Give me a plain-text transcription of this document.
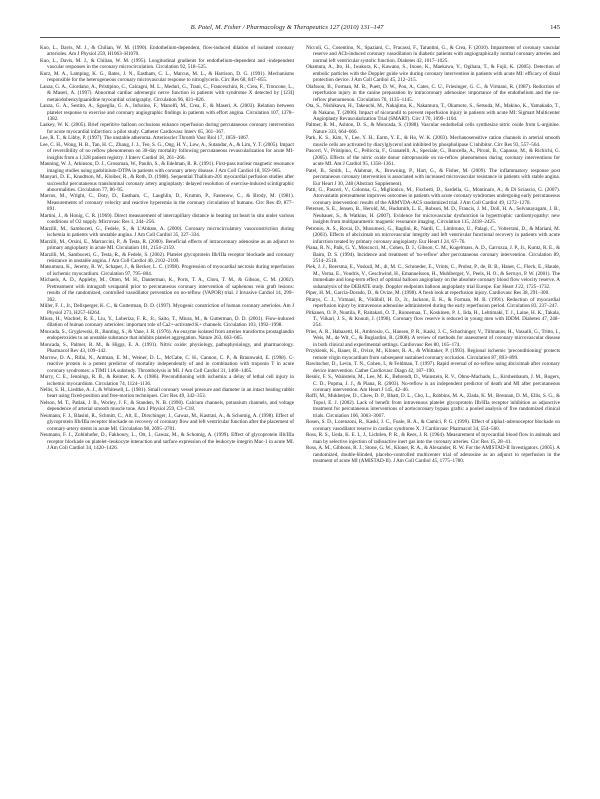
B. Patel, M. Fisher / Pharmacology & Therapeutics 127 (2010) 131–147	145

Kuo, L., Davis, M. J., & Chilian, W. M. (1990). Endothelium-dependent, flow-induced dilation of isolated coronary arterioles. Am J Physiol 259, H1063–H1070.

Kuo, L., Davis, M. J., & Chilian, W. M. (1995). Longitudinal gradients for endothelium-dependent and -independent vascular responses in the coronary microcirculation. Circulation 92, 518–525.

Kurz, M. A., Lamping, K. G., Bates, J. N., Eastham, C. L., Marcus, M. L., & Harrison, D. G. (1991). Mechanisms responsible for the heterogeneous coronary microvascular response to nitroglycerin. Circ Res 68, 847–855.

Lanza, G. A., Giordano, A., Pristipino, C., Calcagni, M. L., Meduri, G., Trani, C., Franceschini, R., Crea, F., Troncone, L., & Maseri, A. (1997). Abnormal cardiac adrenergic nerve function in patients with syndrome X detected by [123I] metaiodobenzylguanidine myocardial scintigraphy. Circulation 96, 821–826.

Lanza, G. A., Sestito, A., Sgueglia, G. A., Infusino, F., Manolfi, M., Crea, F., & Maseri, A. (2003). Relation between platelet response to exercise and coronary angiographic findings in patients with effort angina. Circulation 107, 1378–1382.

Laskey, W. K. (2005). Brief repetitive balloon occlusions enhance reperfusion during percutaneous coronary intervention for acute myocardial infarction: a pilot study. Catheter Cardiovasc Interv 65, 361–367.

Lee, R. T., & Libby, P. (1997). The unstable atheroma. Arterioscler Thromb Vasc Biol 17, 1859–1867.

Lee, C. H., Wong, H. B., Tan, H. C., Zhang, J. J., Teo, S. G., Ong, H. Y., Low, A., Sutandar, A., & Lim, Y. T. (2005). Impact of reversibility of no reflow phenomenon on 30-day mortality following percutaneous revascularization for acute MI-insights from a 1,328 patient registry. J Interv Cardiol 18, 261–266.

Manning, W. J., Atkinson, D. J., Grossman, W., Paulin, S., & Edelman, R. R. (1991). First-pass nuclear magnetic resonance imaging studies using gadolinium-DTPA in patients with coronary artery disease. J Am Coll Cardiol 18, 959–965.

Manyari, D. E., Knudtson, M., Kloiber, R., & Roth, D. (1988). Sequential Thallium-201 myocardial perfusion studies after successful percutaneous transluminal coronary artery angioplasty: delayed resolution of exercise-induced scintigraphic abnormalities. Circulation 77, 86–95.

Marcus, M., Wright, C., Doty, D., Eastham, C., Laughlin, D., Krumm, P., Fastenow, C., & Brody, M. (1981). Measurements of coronary velocity and reactive hyperemia in the coronary circulation of humans. Circ Res 49, 877–891.

Martini, J., & Honig, C. R. (1969). Direct measurement of intercapillary distance in beating rat heart in situ under various conditions of O2 supply. Microvasc Res 1, 244–256.

Marzilli, M., Sambuceti, G., Fedele, S., & L'Abbate, A. (2000). Coronary microcirculatory vasoconstriction during ischemia in patients with unstable angina. J Am Coll Cardiol 35, 327–334.

Marzilli, M., Orsini, E., Marraccini, P., & Testa, R. (2000). Beneficial effects of intracoronary adenosine as an adjunct to primary angioplasty in acute MI. Circulation 101, 2154–2159.

Marzilli, M., Sambuceti, G., Testa, R., & Fedele, S. (2002). Platelet glycoprotein IIb/IIIa receptor blockade and coronary resistance in unstable angina. J Am Coll Cardiol 40, 2102–2109.

Matsumura, K., Jeremy, R. W., Schaper, J., & Becker, L. C. (1998). Progression of myocardial necrosis during reperfusion of ischemic myocardium. Circulation 97, 795–804.

Michaels, A. D., Appleby, M., Otten, M. H., Dauterman, K., Ports, T. A., Chou, T. M., & Gibson, C. M. (2002). Pretreatment with intragraft verapamil prior to percutaneous coronary intervention of saphenous vein graft lesions: results of the randomized, controlled vasodilator prevention on no-reflow (VAPOR) trial. J Invasive Cardiol 14, 299–302.

Miller, F. J., Jr., Dellsperger, K. C., & Gutterman, D. D. (1997). Myogenic constriction of human coronary arterioles. Am J Physiol 273, H257–H264.

Miura, H., Wachtel, R. E., Liu, Y., Loberiza, F. R., Jr., Saito, T., Miura, M., & Gutterman, D. D. (2001). Flow-induced dilation of human coronary arterioles: important role of Ca2+-activated K+ channels. Circulation 103, 1992–1998.

Moncada, S., Gryglewski, R., Bunting, S., & Vane, J. R. (1976). An enzyme isolated from arteries transforms prostaglandin endoperoxides to an unstable substance that inhibits platelet aggregation. Nature 263, 663–665.

Moncada, S., Palmer, R. M., & Higgs, E. A. (1991). Nitric oxide: physiology, pathophysiology, and pharmacology. Pharmacol Rev 43, 109–142.

Morrow, D. A., Rifai, N., Antman, E. M., Weiner, D. L., McCabe, C. H., Cannon, C. P., & Braunwald, E. (1998). C-reactive protein is a potent predictor of mortality independently of and in combination with troponin T in acute coronary syndromes: a TIMI 11A substudy. Thrombolysis in MI. J Am Coll Cardiol 31, 1460–1465.

Murry, C. E., Jennings, R. B., & Reimer, K. A. (1986). Preconditioning with ischemia: a delay of lethal cell injury in ischemic myocardium. Circulation 74, 1124–1136.

Nellis, S. H., Liedtke, A. J., & Whitesell, L. (1981). Small coronary vessel pressure and diameter in an intact beating rabbit heart using fixed-position and free-motion techniques. Circ Res 49, 342–353.

Nelson, M. T., Patlak, J. B., Worley, J. F., & Standen, N. B. (1990). Calcium channels, potassium channels, and voltage dependence of arterial smooth muscle tone. Am J Physiol 259, C3–C18.

Neumann, F. J., Blasini, R., Schmitt, C., Alt, E., Dirschinger, J., Gawaz, M., Kastrati, A., & Schomig, A. (1998). Effect of glycoprotein IIb/IIIa receptor blockade on recovery of coronary flow and left ventricular function after the placement of coronary-artery stents in acute MI. Circulation 98, 2695–2701.

Neumann, F. J., Zohlnhofer, D., Fakhoury, L., Ott, I., Gawaz, M., & Schomig, A. (1999). Effect of glycoprotein IIb/IIIa receptor blockade on platelet–leukocyte interaction and surface expression of the leukocyte integrin Mac-1 in acute MI. J Am Coll Cardiol 34, 1420–1426.

Niccoli, G., Cosentino, N., Spaziani, C., Fracassi, F., Tarantini, G., & Crea, F. (2010). Impairment of coronary vascular reserve and ACh-induced coronary vasodilation in diabetic patients with angiographically normal coronary arteries and normal left ventricular systolic function. Diabetes 42, 1017–1025.

Okamura, A., Ito, H., Iwakura, K., Kawano, S., Inoue, K., Maekawa, Y., Ogihara, T., & Fujii, K. (2005). Detection of embolic particles with the Doppler guide wire during coronary intervention in patients with acute MI: efficacy of distal protection device. J Am Coll Cardiol 45, 212–215.

Olafsson, B., Forman, M. B., Puett, D. W., Pou, A., Cates, C. U., Friesinger, G. C., & Virmani, R. (1987). Reduction of reperfusion injury in the canine preparation by intracoronary adenosine: importance of the endothelium and the no-reflow phenomenon. Circulation 76, 1135–1145.

Ota, S., Nishikawa, H., Takeuchi, M., Nakajima, K., Nakamura, T., Okamoto, S., Setsuda, M., Makino, K., Yamakado, T., & Nakano, T. (2006). Impact of nicorandil to prevent reperfusion injury in patients with acute MI: Sigmart Multicenter Angioplasty Revascularization Trial (SMART). Circ J 70, 1099–1104.

Palmer, R. M., Ashton, D. S., & Moncada, S. (1988). Vascular endothelial cells synthesize nitric oxide from L-arginine. Nature 333, 664–666.

Park, K. S., Kim, Y., Lee, Y. H., Earm, Y. E., & Ho, W. K. (2003). Mechanosensitive cation channels in arterial smooth muscle cells are activated by diacylglycerol and inhibited by phospholipase C inhibitor. Circ Res 93, 557–564.

Pasceri, V., Pristipino, C., Pelliccia, F., Granatelli, A., Speciale, G., Roncella, A., Pironi, B., Capasso, M., & Richichi, G. (2005). Effects of the nitric oxide donor nitroprusside on no-reflow phenomenon during coronary interventions for acute MI. Am J Cardiol 95, 1358–1361.

Patel, B., Smith, L., Alahmar, A., Browning, P., Hart, G., & Fisher, M. (2009). The inflammatory response post percutaneous coronary intervention is associated with increased microvascular resistance in patients with stable angina. Eur Heart J 30, 248 (Abstract Supplement).

Patti, G., Pasceri, V., Colonna, G., Miglionico, M., Fischetti, D., Sardella, G., Montinaro, A., & Di Sciascio, G. (2007). Atorvastatin pretreatment improves outcomes in patients with acute coronary syndromes undergoing early percutaneous coronary intervention: results of the ARMYDA-ACS randomized trial. J Am Coll Cardiol 49, 1272–1278.

Petersen, S. E., Jensen, B., Herold, M., Hudsmith, L. E., Robson, M. D., Francis, J. M., Doll, H. A., Selvanayagam, J. B., Neubauer, S., & Watkins, H. (2007). Evidence for microvascular dysfunction in hypertrophic cardiomyopathy: new insights from multiparametric magnetic resonance imaging. Circulation 115, 2418–2425.

Petronio, A. S., Rovai, D., Musumeci, G., Baglini, R., Nardi, C., Limbruno, U., Palagi, C., Volterrani, D., & Mariani, M. (2003). Effects of abciximab on microvascular integrity and left ventricular functional recovery in patients with acute infarction treated by primary coronary angioplasty. Eur Heart J 24, 67–76.

Piana, R. N., Paik, G. Y., Moscucci, M., Cohen, D. J., Gibson, C. M., Kugelmass, A. D., Carrozza, J. P., Jr., Kuntz, R. E., & Baim, D. S. (1994). Incidence and treatment of 'no-reflow' after percutaneous coronary intervention. Circulation 89, 2514–2518.

Piek, J. J., Boersma, E., Voskuil, M., di, M. C., Schroeder, E., Vrints, C., Probst, P., de, B. B., Hanet, C., Fleck, E., Haude, M., Verna, E., Voudris, V., Geschwind, H., Emanuelsson, H., Muhlberger, V., Peels, H. O., & Serruys, P. W. (2001). The immediate and long-term effect of optimal balloon angioplasty on the absolute coronary blood flow velocity reserve. A subanalysis of the DEBATE study. Doppler endpoints balloon angioplasty trial Europe. Eur Heart J 22, 1725–1732.

Piper, H. M., Garcia-Dorado, D., & Ovize, M. (1998). A fresh look at reperfusion injury. Cardiovasc Res 38, 291–300.

Pitarys, C. J., Virmani, R., Vildibill, H. D., Jr., Jackson, E. K., & Forman, M. B. (1991). Reduction of myocardial reperfusion injury by intravenous adenosine administered during the early reperfusion period. Circulation 83, 237–247.

Pitkanen, O. P., Nuutila, P., Raitakari, O. T., Ronnemaa, T., Koskinen, P. J., Iida, H., Lehtimaki, T. J., Laine, H. K., Takala, T., Viikari, J. S., & Knuuti, J. (1998). Coronary flow reserve is reduced in young men with IDDM. Diabetes 47, 248–254.

Pries, A. R., Habazettl, H., Ambrosio, G., Hansen, P. R., Kaski, J. C., Schachinger, V., Tillmanns, H., Vassalli, G., Tritto, I., Weis, M., de Wit, C., & Bugiardini, R. (2008). A review of methods for assessment of coronary microvascular disease in both clinical and experimental settings. Cardiovasc Res 80, 165–174.

Przyklenk, K., Bauer, B., Ovize, M., Kloner, R. A., & Whittaker, P. (1993). Regional ischemic 'preconditioning' protects remote virgin myocardium from subsequent sustained coronary occlusion. Circulation 87, 893–899.

Rawitscher, D., Levin, T. N., Cohen, I., & Feldman, T. (1997). Rapid reversal of no-reflow using abciximab after coronary device intervention. Cathet Cardiovasc Diagn 42, 187–190.

Resnic, F. S., Wainstein, M., Lee, M. K., Behrendt, D., Wainstein, R. V., Ohno-Machado, L., Kirshenbaum, J. M., Rogers, C. D., Popma, J. J., & Piana, R. (2003). No-reflow is an independent predictor of death and MI after percutaneous coronary intervention. Am Heart J 145, 42–46.

Roffi, M., Mukherjee, D., Chew, D. P., Bhatt, D. L., Cho, L., Robbins, M. A., Ziada, K. M., Brennan, D. M., Ellis, S. G., & Topol, E. J. (2002). Lack of benefit from intravenous platelet glycoprotein IIb/IIIa receptor inhibition as adjunctive treatment for percutaneous interventions of aortocoronary bypass grafts: a pooled analysis of five randomized clinical trials. Circulation 106, 3063–3067.

Rosen, S. D., Lorenzoni, R., Kaski, J. C., Foale, R. A., & Camici, P. G. (1999). Effect of alpha1-adrenoceptor blockade on coronary vasodilator reserve in cardiac syndrome X. J Cardiovasc Pharmacol 34, 554–560.

Ross, R. S., Ueda, K. E. I., J., Lichtlen, P. R., & Rees, J. R. (1964). Measurement of myocardial blood flow in animals and man by selective injection of radioactive inert gas into the coronary arteries. Circ Res 15, 28–41.

Ross, A. M., Gibbons, R. J., Stone, G. W., Kloner, R. A., & Alexander, R. W. For the AMISTAD-II Investigators. (2005). A randomized, double-blinded, placebo-controlled multicenter trial of adenosine as an adjunct to reperfusion in the treatment of acute MI (AMISTAD-II). J Am Coll Cardiol 45, 1775–1780.
